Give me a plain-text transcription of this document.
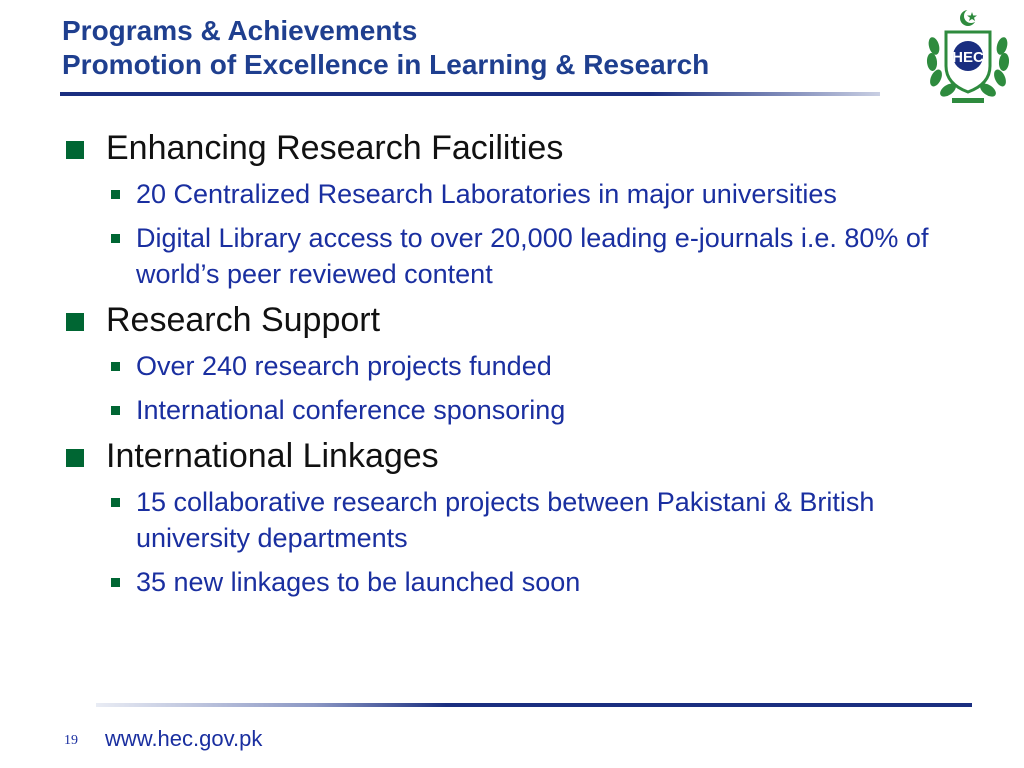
Programs & Achievements
Promotion of Excellence in Learning & Research	HEC
Enhancing Research Facilities
20 Centralized Research Laboratories in major universities
Digital Library access to over 20,000 leading e-journals i.e. 80% of world’s peer reviewed content
Research Support
Over 240 research projects funded
International conference sponsoring
International Linkages
15 collaborative research projects between Pakistani & British university departments
35 new linkages to be launched soon
19 www.hec.gov.pk
